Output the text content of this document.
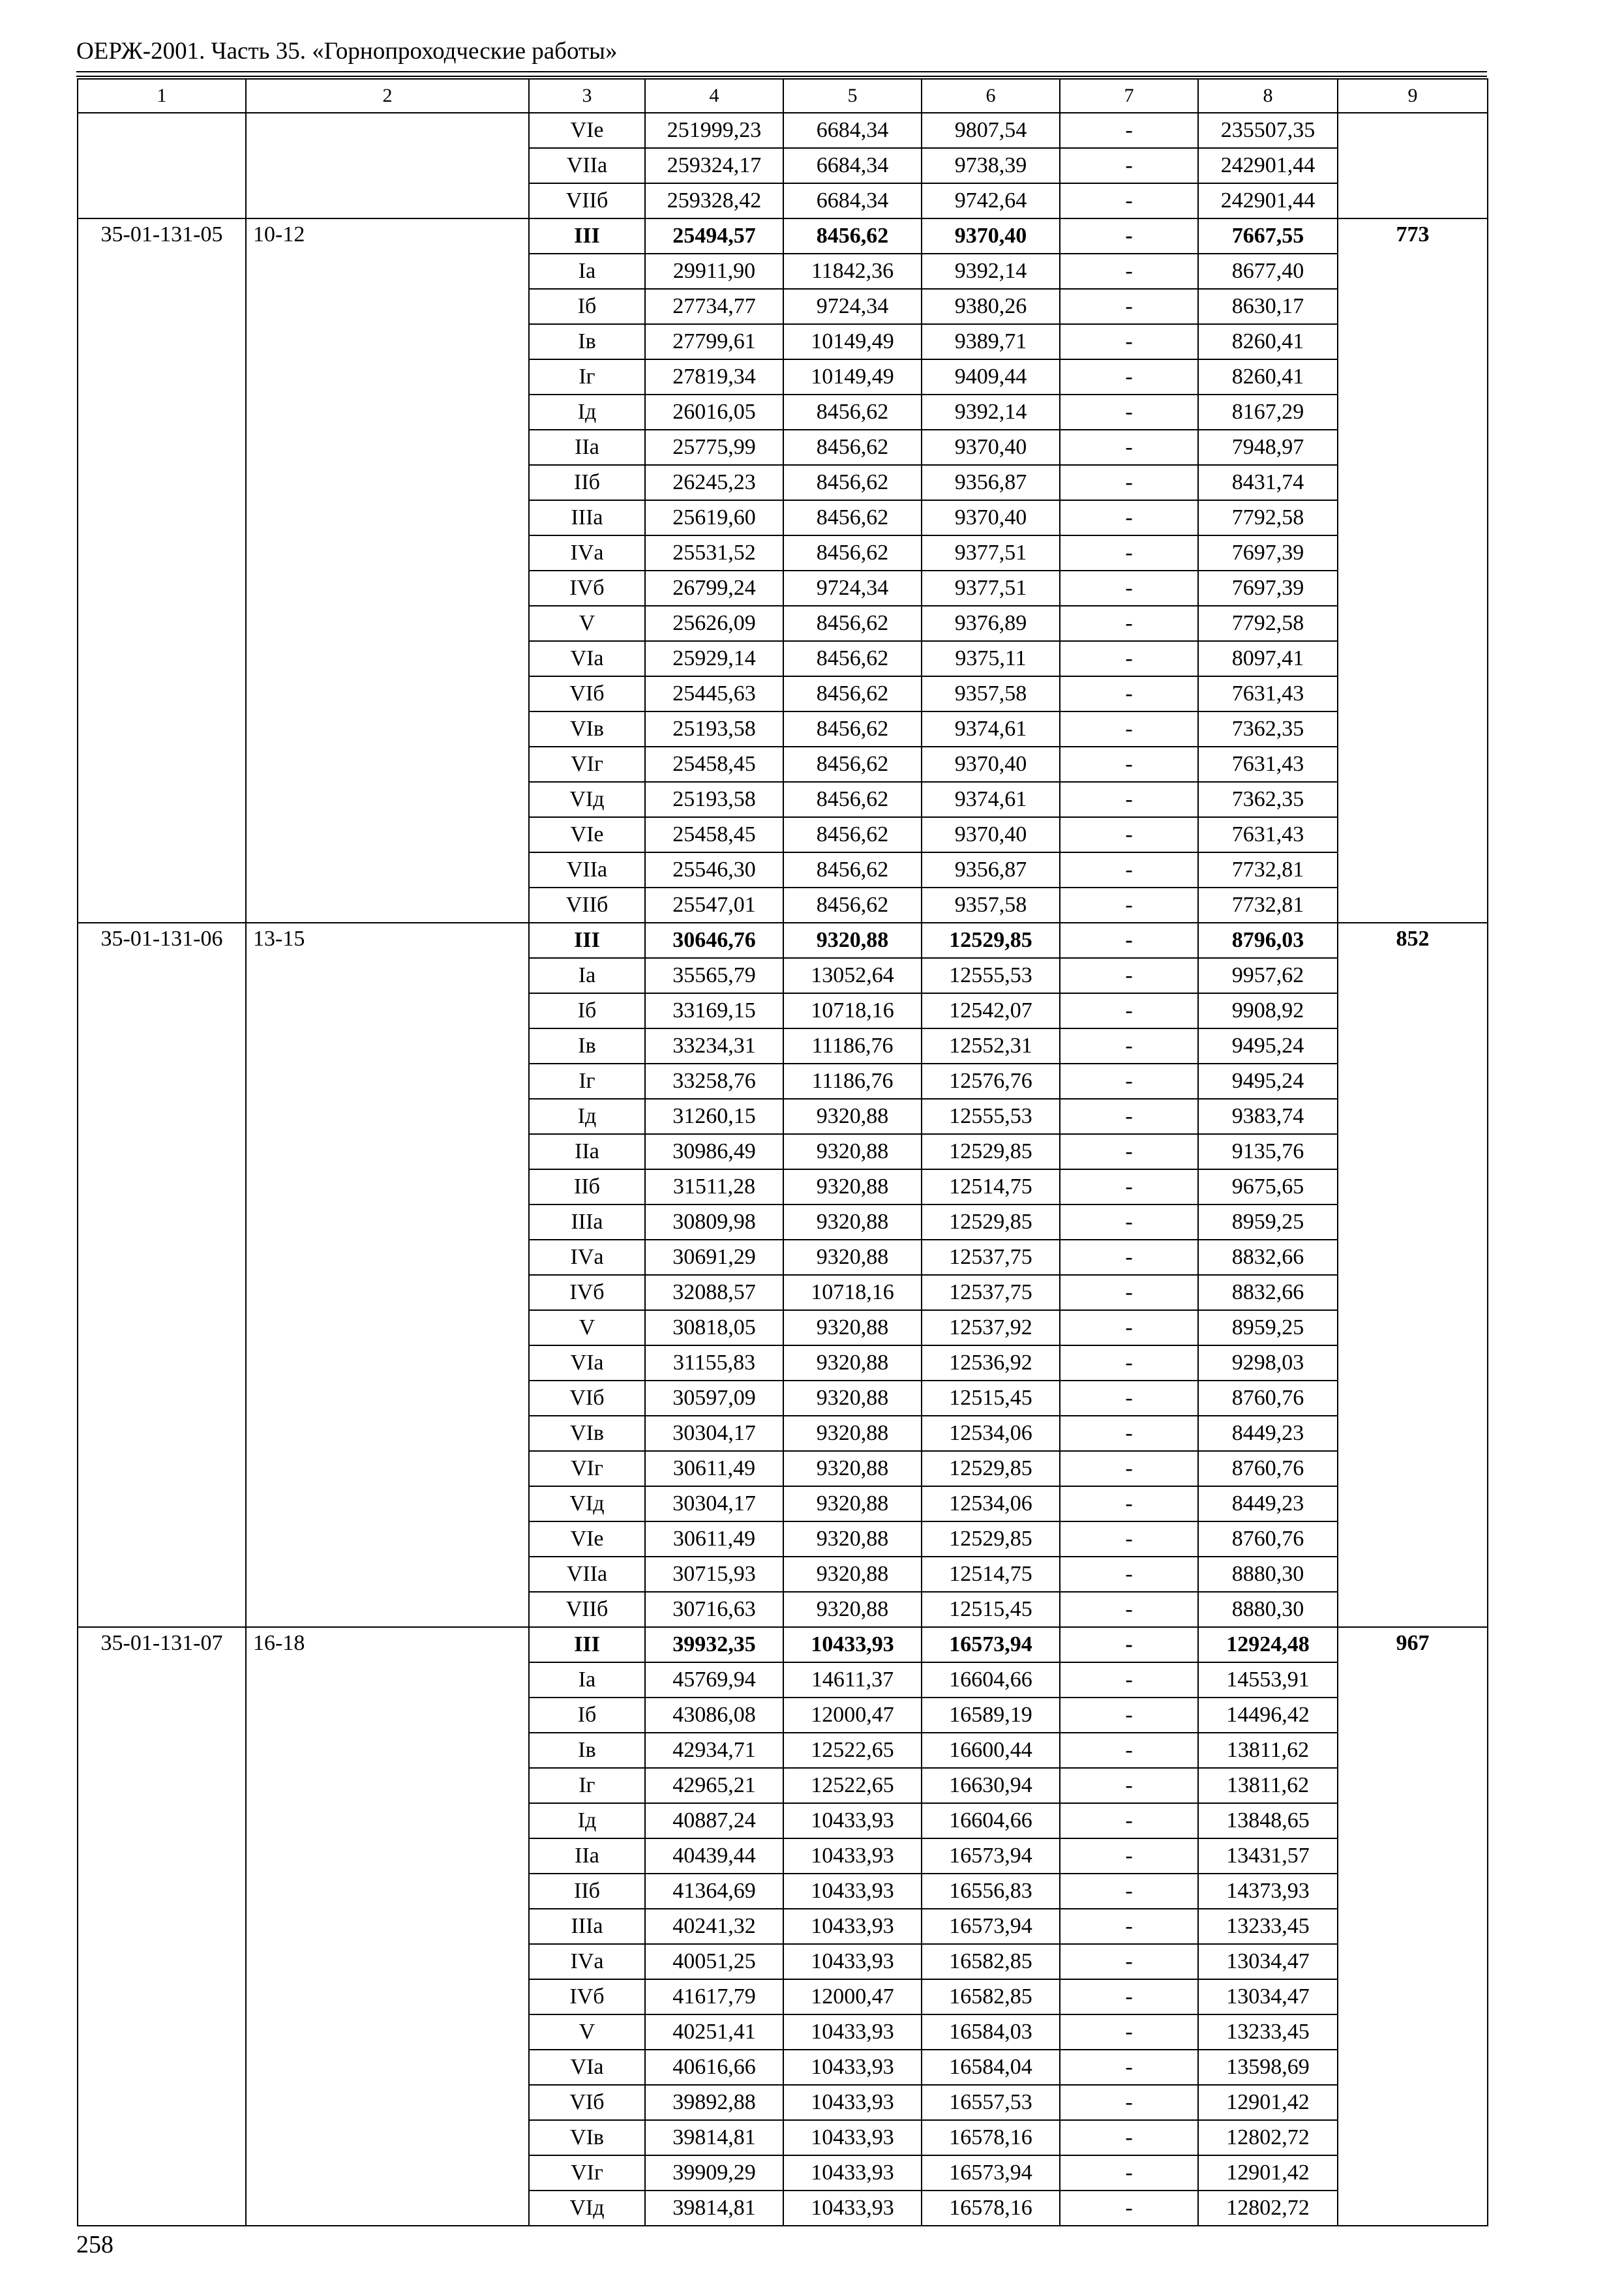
ОЕРЖ-2001. Часть 35. «Горнопроходческие работы»
1	2	3	4	5	6	7	8	9
		VIе	251999,23	6684,34	9807,54	-	235507,35	
		VIIа	259324,17	6684,34	9738,39	-	242901,44	
		VIIб	259328,42	6684,34	9742,64	-	242901,44	
35-01-131-05	10-12	III	25494,57	8456,62	9370,40	-	7667,55	773
		Iа	29911,90	11842,36	9392,14	-	8677,40	
		Iб	27734,77	9724,34	9380,26	-	8630,17	
		Iв	27799,61	10149,49	9389,71	-	8260,41	
		Iг	27819,34	10149,49	9409,44	-	8260,41	
		Iд	26016,05	8456,62	9392,14	-	8167,29	
		IIа	25775,99	8456,62	9370,40	-	7948,97	
		IIб	26245,23	8456,62	9356,87	-	8431,74	
		IIIа	25619,60	8456,62	9370,40	-	7792,58	
		IVа	25531,52	8456,62	9377,51	-	7697,39	
		IVб	26799,24	9724,34	9377,51	-	7697,39	
		V	25626,09	8456,62	9376,89	-	7792,58	
		VIа	25929,14	8456,62	9375,11	-	8097,41	
		VIб	25445,63	8456,62	9357,58	-	7631,43	
		VIв	25193,58	8456,62	9374,61	-	7362,35	
		VIг	25458,45	8456,62	9370,40	-	7631,43	
		VIд	25193,58	8456,62	9374,61	-	7362,35	
		VIе	25458,45	8456,62	9370,40	-	7631,43	
		VIIа	25546,30	8456,62	9356,87	-	7732,81	
		VIIб	25547,01	8456,62	9357,58	-	7732,81	
35-01-131-06	13-15	III	30646,76	9320,88	12529,85	-	8796,03	852
		Iа	35565,79	13052,64	12555,53	-	9957,62	
		Iб	33169,15	10718,16	12542,07	-	9908,92	
		Iв	33234,31	11186,76	12552,31	-	9495,24	
		Iг	33258,76	11186,76	12576,76	-	9495,24	
		Iд	31260,15	9320,88	12555,53	-	9383,74	
		IIа	30986,49	9320,88	12529,85	-	9135,76	
		IIб	31511,28	9320,88	12514,75	-	9675,65	
		IIIа	30809,98	9320,88	12529,85	-	8959,25	
		IVа	30691,29	9320,88	12537,75	-	8832,66	
		IVб	32088,57	10718,16	12537,75	-	8832,66	
		V	30818,05	9320,88	12537,92	-	8959,25	
		VIа	31155,83	9320,88	12536,92	-	9298,03	
		VIб	30597,09	9320,88	12515,45	-	8760,76	
		VIв	30304,17	9320,88	12534,06	-	8449,23	
		VIг	30611,49	9320,88	12529,85	-	8760,76	
		VIд	30304,17	9320,88	12534,06	-	8449,23	
		VIе	30611,49	9320,88	12529,85	-	8760,76	
		VIIа	30715,93	9320,88	12514,75	-	8880,30	
		VIIб	30716,63	9320,88	12515,45	-	8880,30	
35-01-131-07	16-18	III	39932,35	10433,93	16573,94	-	12924,48	967
		Iа	45769,94	14611,37	16604,66	-	14553,91	
		Iб	43086,08	12000,47	16589,19	-	14496,42	
		Iв	42934,71	12522,65	16600,44	-	13811,62	
		Iг	42965,21	12522,65	16630,94	-	13811,62	
		Iд	40887,24	10433,93	16604,66	-	13848,65	
		IIа	40439,44	10433,93	16573,94	-	13431,57	
		IIб	41364,69	10433,93	16556,83	-	14373,93	
		IIIа	40241,32	10433,93	16573,94	-	13233,45	
		IVа	40051,25	10433,93	16582,85	-	13034,47	
		IVб	41617,79	12000,47	16582,85	-	13034,47	
		V	40251,41	10433,93	16584,03	-	13233,45	
		VIа	40616,66	10433,93	16584,04	-	13598,69	
		VIб	39892,88	10433,93	16557,53	-	12901,42	
		VIв	39814,81	10433,93	16578,16	-	12802,72	
		VIг	39909,29	10433,93	16573,94	-	12901,42	
		VIд	39814,81	10433,93	16578,16	-	12802,72	
258
